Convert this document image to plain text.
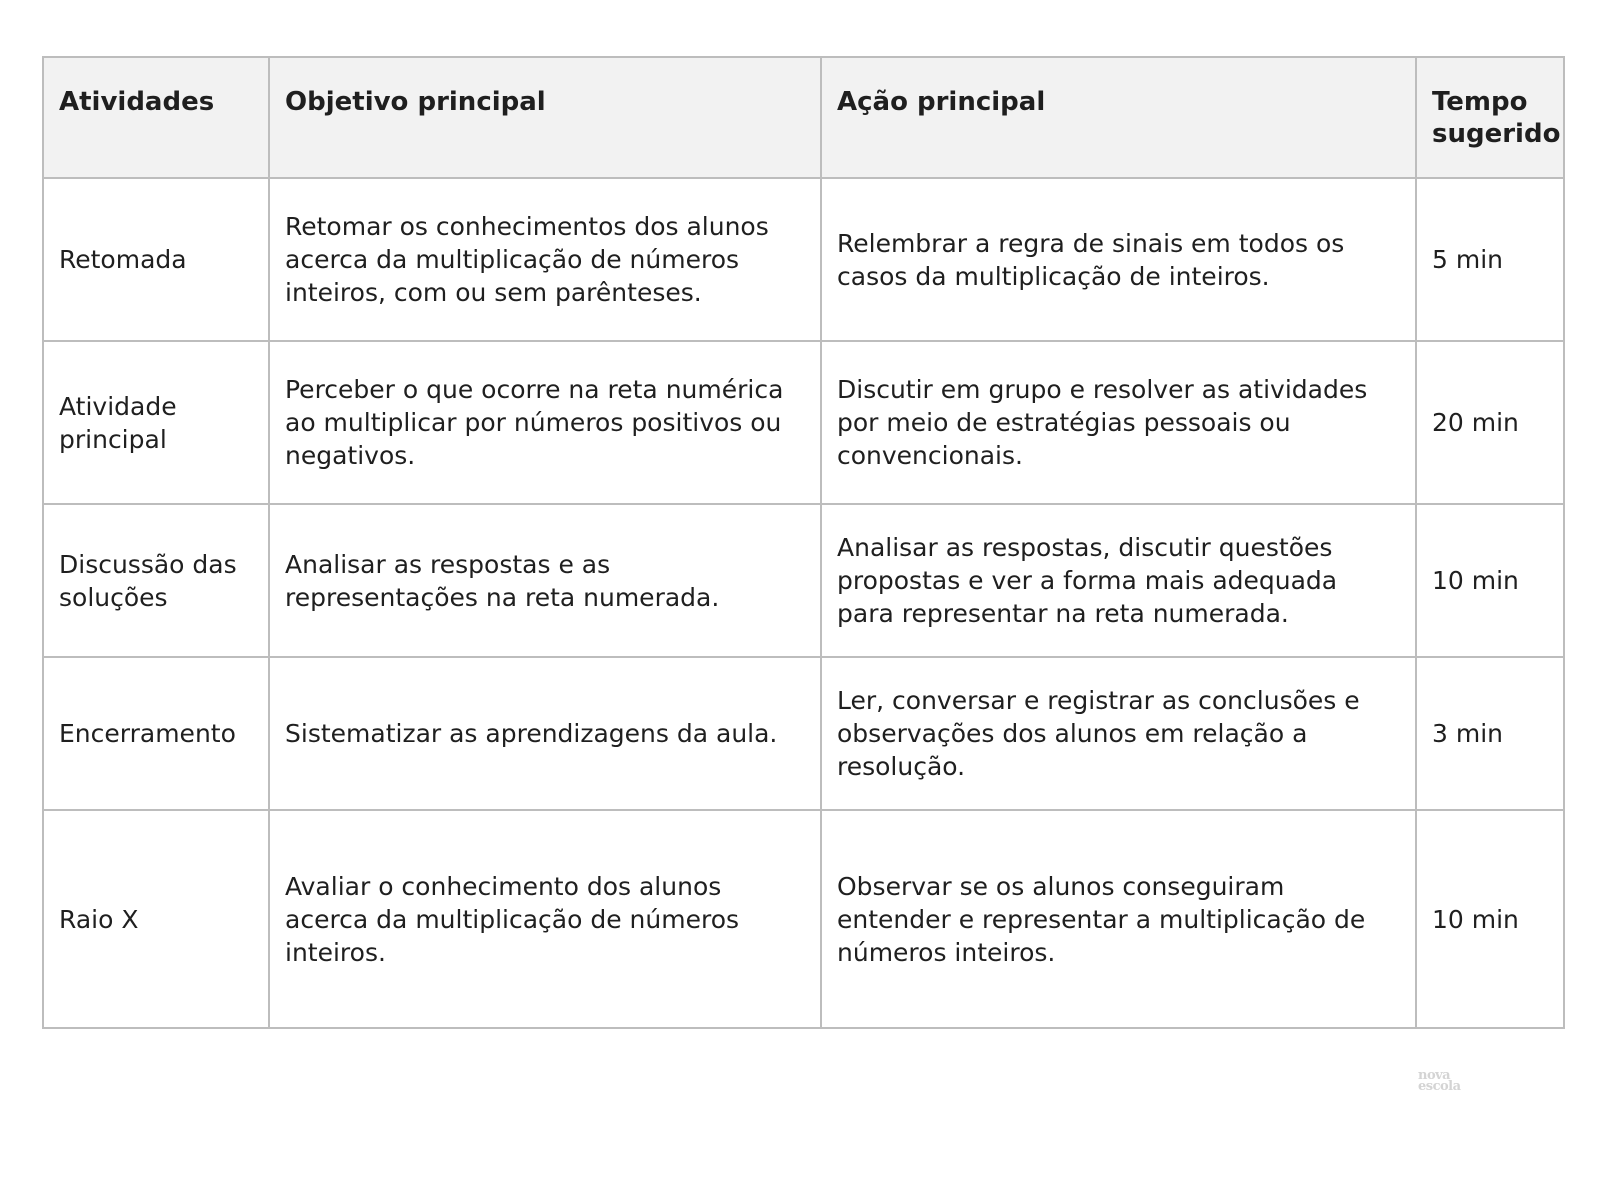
Atividades	Objetivo principal	Ação principal	Tempo sugerido
Retomada	Retomar os conhecimentos dos alunos acerca da multiplicação de números inteiros, com ou sem parênteses.	Relembrar a regra de sinais em todos os casos da multiplicação de inteiros.	5 min
Atividade principal	Perceber o que ocorre na reta numérica ao multiplicar por números positivos ou negativos.	Discutir em grupo e resolver as atividades por meio de estratégias pessoais ou convencionais.	20 min
Discussão das soluções	Analisar as respostas e as representações na reta numerada.	Analisar as respostas, discutir questões propostas e ver a forma mais adequada para representar na reta numerada.	10 min
Encerramento	Sistematizar as aprendizagens da aula.	Ler, conversar e registrar as conclusões e observações dos alunos em relação a resolução.	3 min
Raio X	Avaliar o conhecimento dos alunos acerca da multiplicação de números inteiros.	Observar se os alunos conseguiram entender e representar a multiplicação de números inteiros.	10 min
nova
escola
